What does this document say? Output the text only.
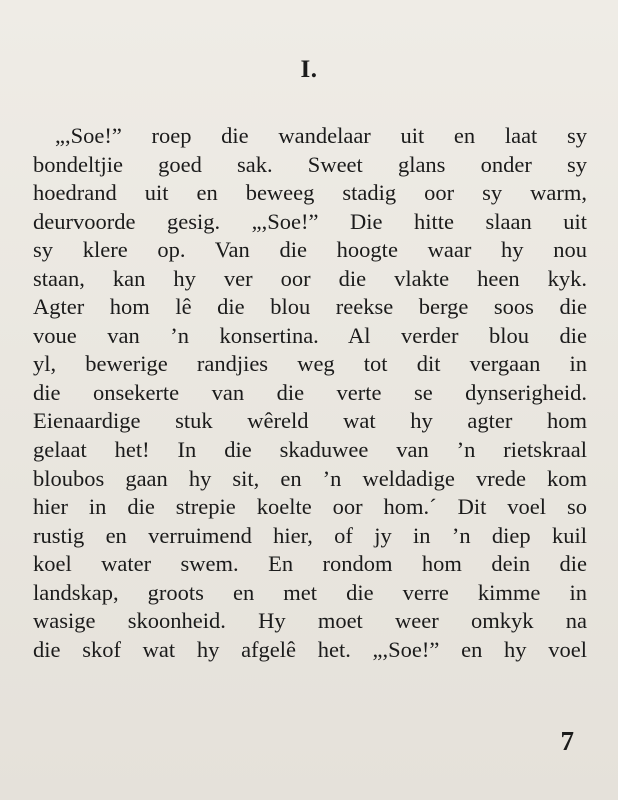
I.
„,Soe!” roep die wandelaar uit en laat sy
bondeltjie goed sak. Sweet glans onder sy
hoedrand uit en beweeg stadig oor sy warm,
deurvoorde gesig. „,Soe!” Die hitte slaan uit
sy klere op. Van die hoogte waar hy nou
staan, kan hy ver oor die vlakte heen kyk.
Agter hom lê die blou reekse berge soos die
voue van ’n konsertina. Al verder blou die
yl, bewerige randjies weg tot dit vergaan in
die onsekerte van die verte se dynserigheid.
Eienaardige stuk wêreld wat hy agter hom
gelaat het! In die skaduwee van ’n rietskraal
bloubos gaan hy sit, en ’n weldadige vrede kom
hier in die strepie koelte oor hom.´ Dit voel so
rustig en verruimend hier, of jy in ’n diep kuil
koel water swem. En rondom hom dein die
landskap, groots en met die verre kimme in
wasige skoonheid. Hy moet weer omkyk na
die skof wat hy afgelê het. „,Soe!” en hy voel
7
